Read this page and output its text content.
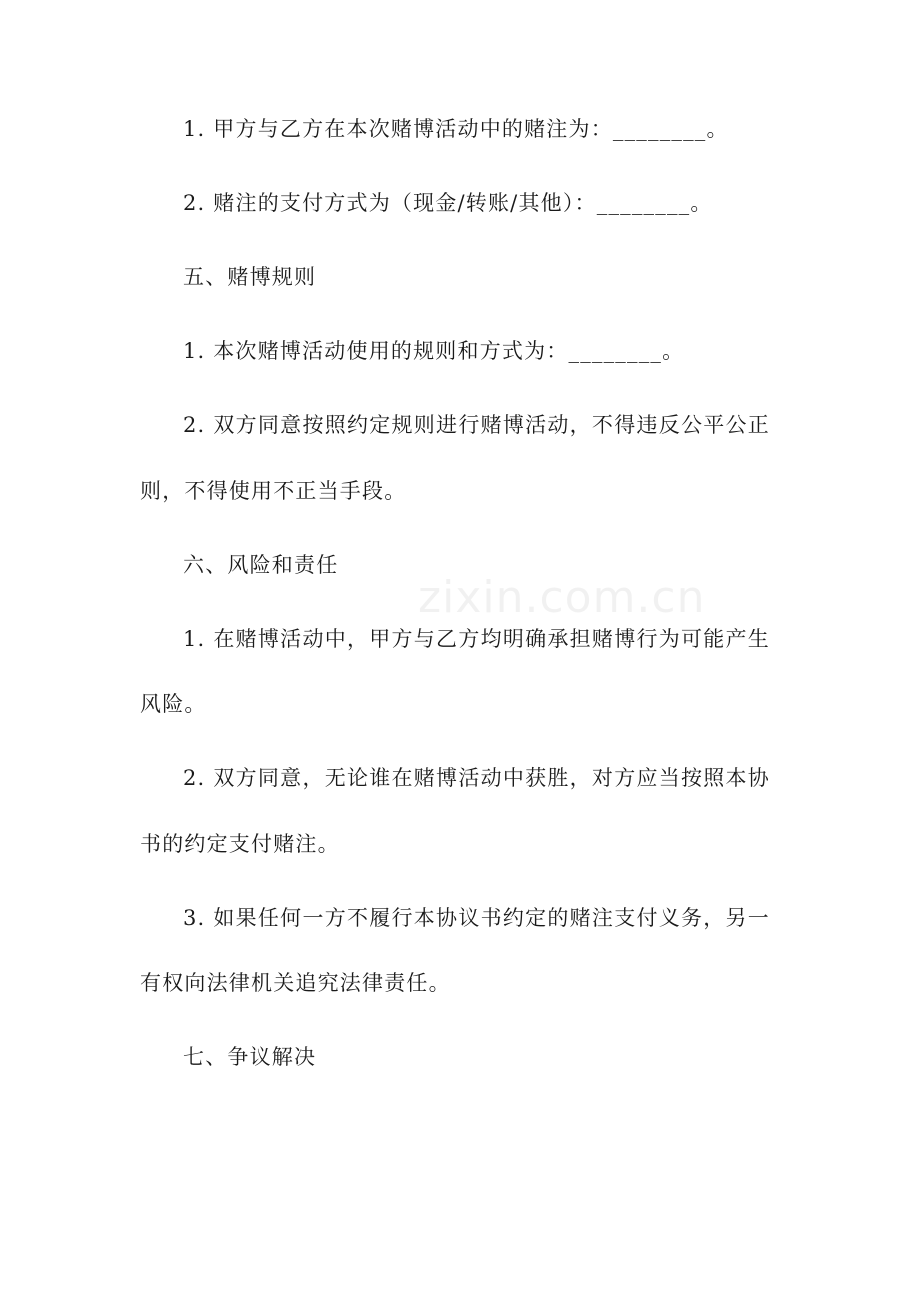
zixin.com.cn
1. 甲方与乙方在本次赌博活动中的赌注为：________。
2. 赌注的支付方式为（现金/转账/其他）：________。
五、赌博规则
1. 本次赌博活动使用的规则和方式为：________。
2. 双方同意按照约定规则进行赌博活动，不得违反公平公正
则，不得使用不正当手段。
六、风险和责任
1. 在赌博活动中，甲方与乙方均明确承担赌博行为可能产生
风险。
2. 双方同意，无论谁在赌博活动中获胜，对方应当按照本协
书的约定支付赌注。
3. 如果任何一方不履行本协议书约定的赌注支付义务，另一
有权向法律机关追究法律责任。
七、争议解决
